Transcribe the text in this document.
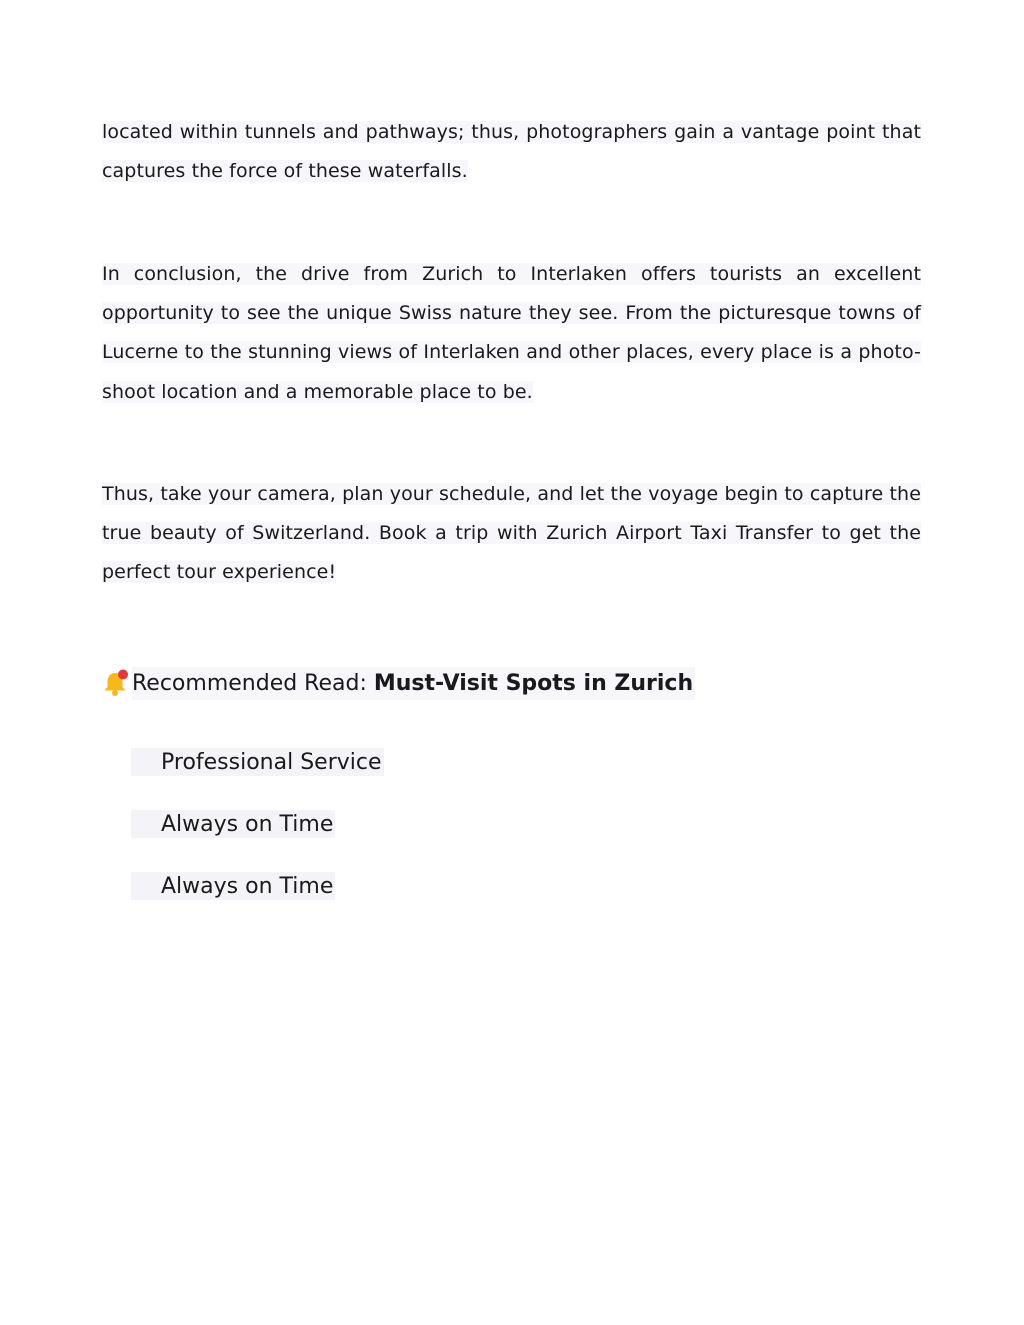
located within tunnels and pathways; thus, photographers gain a vantage point that captures the force of these waterfalls.

In conclusion, the drive from Zurich to Interlaken offers tourists an excellent opportunity to see the unique Swiss nature they see. From the picturesque towns of Lucerne to the stunning views of Interlaken and other places, every place is a photo-shoot location and a memorable place to be.

Thus, take your camera, plan your schedule, and let the voyage begin to capture the true beauty of Switzerland. Book a trip with Zurich Airport Taxi Transfer to get the perfect tour experience!

Recommended Read: Must-Visit Spots in Zurich
Professional Service
Always on Time
Always on Time
